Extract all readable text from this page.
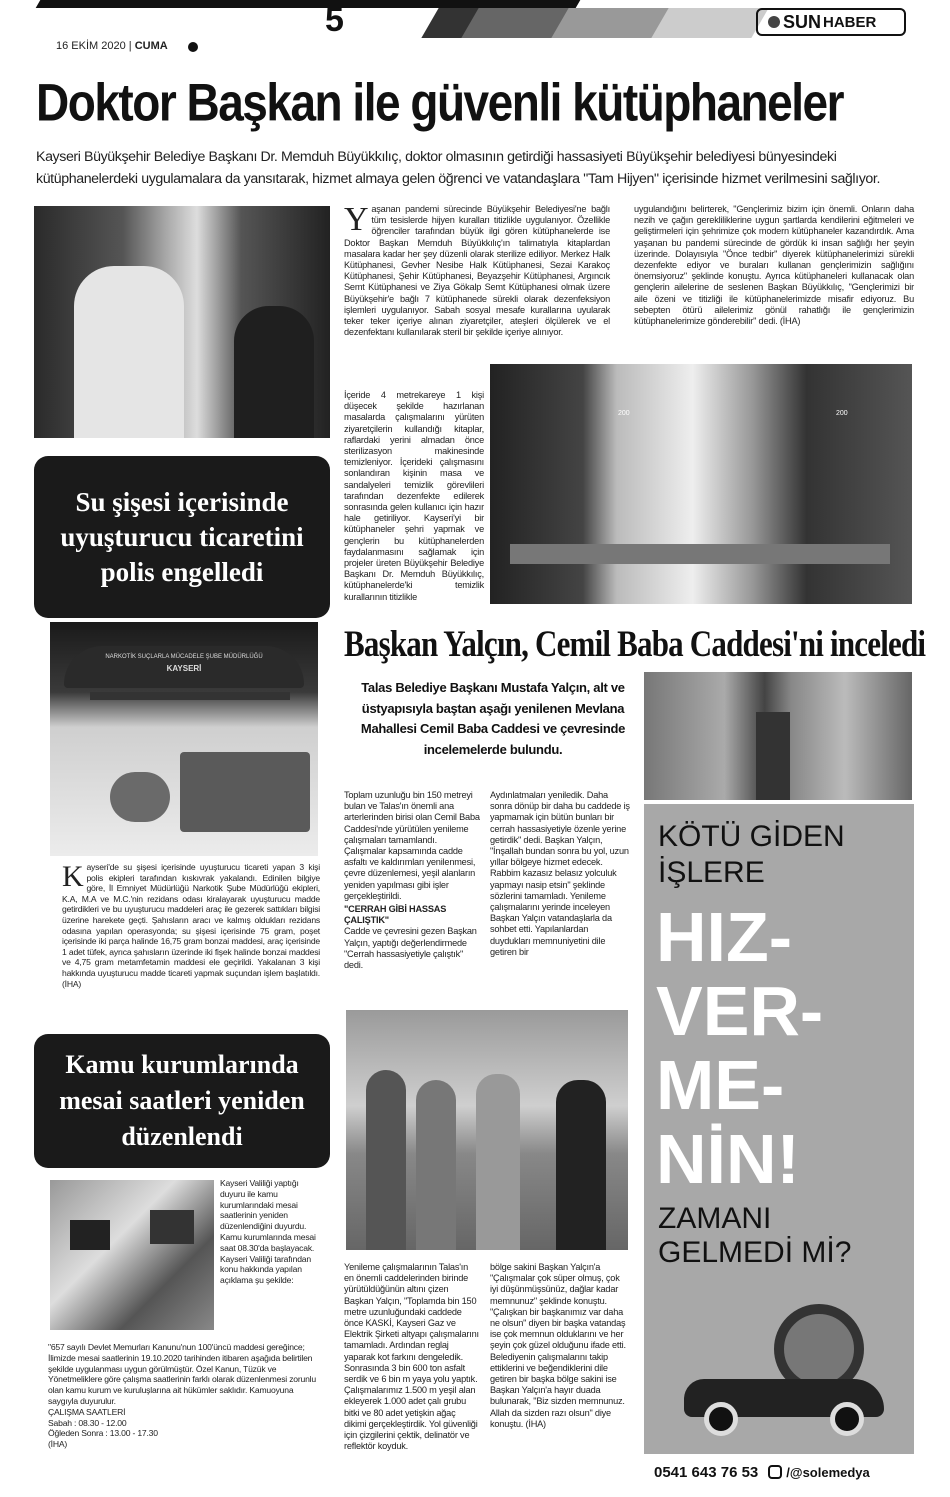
5
16 EKİM 2020 | CUMA
SUN HABER
Doktor Başkan ile güvenli kütüphaneler
Kayseri Büyükşehir Belediye Başkanı Dr. Memduh Büyükkılıç, doktor olmasının getirdiği hassasiyeti Büyükşehir belediyesi bünyesindeki kütüphanelerdeki uygulamalara da yansıtarak, hizmet almaya gelen öğrenci ve vatandaşlara "Tam Hijyen" içerisinde hizmet verilmesini sağlıyor.
Yaşanan pandemi sürecinde Büyükşehir Belediyesi'ne bağlı tüm tesislerde hijyen kuralları titizlikle uygulanıyor. Özellikle öğrenciler tarafından büyük ilgi gören kütüphanelerde ise Doktor Başkan Memduh Büyükkılıç'ın talimatıyla kitaplardan masalara kadar her şey düzenli olarak sterilize ediliyor. Merkez Halk Kütüphanesi, Gevher Nesibe Halk Kütüphanesi, Sezai Karakoç Kütüphanesi, Şehir Kütüphanesi, Beyazşehir Kütüphanesi, Argıncık Semt Kütüphanesi ve Ziya Gökalp Semt Kütüphanesi olmak üzere Büyükşehir'e bağlı 7 kütüphanede sürekli olarak dezenfeksiyon işlemleri uygulanıyor. Sabah sosyal mesafe kurallarına uyularak teker teker içeriye alınan ziyaretçiler, ateşleri ölçülerek ve el dezenfektanı kullanılarak steril bir şekilde içeriye alınıyor.
İçeride 4 metrekareye 1 kişi düşecek şekilde hazırlanan masalarda çalışmalarını yürüten ziyaretçilerin kullandığı kitaplar, raflardaki yerini almadan önce sterilizasyon makinesinde temizleniyor. İçerideki çalışmasını sonlandıran kişinin masa ve sandalyeleri temizlik görevlileri tarafından dezenfekte edilerek sonrasında gelen kullanıcı için hazır hale getiriliyor. Kayseri'yi bir kütüphaneler şehri yapmak ve gençlerin bu kütüphanelerden faydalanmasını sağlamak için projeler üreten Büyükşehir Belediye Başkanı Dr. Memduh Büyükkılıç, kütüphanelerde'ki temizlik kurallarının titizlikle
uygulandığını belirterek, "Gençlerimiz bizim için önemli. Onların daha nezih ve çağın gerekliliklerine uygun şartlarda kendilerini eğitmeleri ve geliştirmeleri için şehrimize çok modern kütüphaneler kazandırdık. Ama yaşanan bu pandemi sürecinde de gördük ki insan sağlığı her şeyin üzerinde. Dolayısıyla "Önce tedbir" diyerek kütüphanelerimizi sürekli dezenfekte ediyor ve buraları kullanan gençlerimizin sağlığını önemsiyoruz" şeklinde konuştu. Ayrıca kütüphaneleri kullanacak olan gençlerin ailelerine de seslenen Başkan Büyükkılıç, "Gençlerimizi bir aile özeni ve titizliği ile kütüphanelerimizde misafir ediyoruz. Bu sebepten ötürü ailelerimiz gönül rahatlığı ile gençlerimizin kütüphanelerimize gönderebilir" dedi. (İHA)
200	200
Su şişesi içerisinde uyuşturucu ticaretini polis engelledi
NARKOTİK SUÇLARLA MÜCADELE ŞUBE MÜDÜRLÜĞÜ
KAYSERİ
Kayseri'de su şişesi içerisinde uyuşturucu ticareti yapan 3 kişi polis ekipleri tarafından kıskıvrak yakalandı. Edinilen bilgiye göre, İl Emniyet Müdürlüğü Narkotik Şube Müdürlüğü ekipleri, K.A, M.A ve M.C.'nin rezidans odası kiralayarak uyuşturucu madde getirdikleri ve bu uyuşturucu maddeleri araç ile gezerek sattıkları bilgisi üzerine harekete geçti. Şahısların aracı ve kalmış oldukları rezidans odasına yapılan operasyonda; su şişesi içerisinde 75 gram, poşet içerisinde iki parça halinde 16,75 gram bonzai maddesi, araç içerisinde 1 adet tüfek, ayrıca şahısların üzerinde iki fişek halinde bonzai maddesi ve 4,75 gram metamfetamin maddesi ele geçirildi. Yakalanan 3 kişi hakkında uyuşturucu madde ticareti yapmak suçundan işlem başlatıldı. (İHA)
Kamu kurumlarında mesai saatleri yeniden düzenlendi
Kayseri Valiliği yaptığı duyuru ile kamu kurumlarındaki mesai saatlerinin yeniden düzenlendiğini duyurdu. Kamu kurumlarında mesai saat 08.30'da başlayacak. Kayseri Valiliği tarafından konu hakkında yapılan açıklama şu şekilde:
"657 sayılı Devlet Memurları Kanunu'nun 100'üncü maddesi gereğince; İlimizde mesai saatlerinin 19.10.2020 tarihinden itibaren aşağıda belirtilen şekilde uygulanması uygun görülmüştür. Özel Kanun, Tüzük ve Yönetmeliklere göre çalışma saatlerinin farklı olarak düzenlenmesi zorunlu olan kamu kurum ve kuruluşlarına ait hükümler saklıdır. Kamuoyuna saygıyla duyurulur.
ÇALIŞMA SAATLERİ
Sabah : 08.30 - 12.00
Öğleden Sonra : 13.00 - 17.30
(İHA)
Başkan Yalçın, Cemil Baba Caddesi'ni inceledi
Talas Belediye Başkanı Mustafa Yalçın, alt ve üstyapısıyla baştan aşağı yenilenen Mevlana Mahallesi Cemil Baba Caddesi ve çevresinde incelemelerde bulundu.
Toplam uzunluğu bin 150 metreyi bulan ve Talas'ın önemli ana arterlerinden birisi olan Cemil Baba Caddesi'nde yürütülen yenileme çalışmaları tamamlandı. Çalışmalar kapsamında cadde asfaltı ve kaldırımları yenilenmesi, çevre düzenlemesi, yeşil alanların yeniden yapılması gibi işler gerçekleştirildi.
"CERRAH GİBİ HASSAS ÇALIŞTIK"
Cadde ve çevresini gezen Başkan Yalçın, yaptığı değerlendirmede "Cerrah hassasiyetiyle çalıştık" dedi.
Aydınlatmaları yeniledik. Daha sonra dönüp bir daha bu caddede iş yapmamak için bütün bunları bir cerrah hassasiyetiyle özenle yerine getirdik" dedi. Başkan Yalçın, "İnşallah bundan sonra bu yol, uzun yıllar bölgeye hizmet edecek. Rabbim kazasız belasız yolculuk yapmayı nasip etsin" şeklinde sözlerini tamamladı. Yenileme çalışmalarını yerinde inceleyen Başkan Yalçın vatandaşlarla da sohbet etti. Yapılanlardan duydukları memnuniyetini dile getiren bir
Yenileme çalışmalarının Talas'ın en önemli caddelerinden birinde yürütüldüğünün altını çizen Başkan Yalçın, "Toplamda bin 150 metre uzunluğundaki caddede önce KASKİ, Kayseri Gaz ve Elektrik Şirketi altyapı çalışmalarını tamamladı. Ardından reglaj yaparak kot farkını dengeledik. Sonrasında 3 bin 600 ton asfalt serdik ve 6 bin m yaya yolu yaptık. Çalışmalarımız 1.500 m yeşil alan ekleyerek 1.000 adet çalı grubu bitki ve 80 adet yetişkin ağaç dikimi gerçekleştirdik. Yol güvenliği için çizgilerini çektik, delinatör ve reflektör koyduk.
bölge sakini Başkan Yalçın'a "Çalışmalar çok süper olmuş, çok iyi düşünmüşsünüz, dağlar kadar memnunuz" şeklinde konuştu. "Çalışkan bir başkanımız var daha ne olsun" diyen bir başka vatandaş ise çok memnun olduklarını ve her şeyin çok güzel olduğunu ifade etti. Belediyenin çalışmalarını takip ettiklerini ve beğendiklerini dile getiren bir başka bölge sakini ise Başkan Yalçın'a hayır duada bulunarak, "Biz sizden memnunuz. Allah da sizden razı olsun" diye konuştu. (İHA)
KÖTÜ GİDEN
İŞLERE
HIZ-
VER-
ME-
NİN!
ZAMANI
GELMEDİ Mİ?
0541 643 76 53 /@solemedya
